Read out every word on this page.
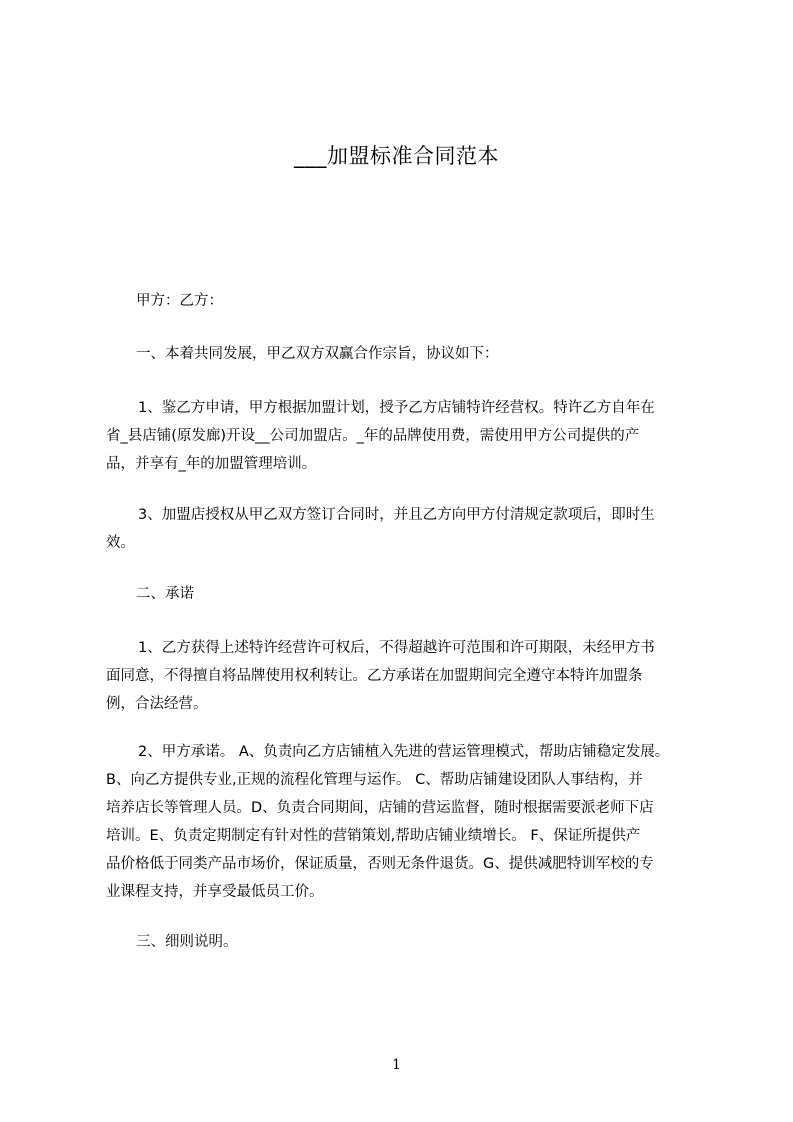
___加盟标准合同范本
甲方：乙方：
一、本着共同发展，甲乙双方双赢合作宗旨，协议如下：
1、鉴乙方申请，甲方根据加盟计划，授予乙方店铺特许经营权。特许乙方自年在
省_县店铺(原发廊)开设__公司加盟店。_年的品牌使用费，需使用甲方公司提供的产
品，并享有_年的加盟管理培训。
3、加盟店授权从甲乙双方签订合同时，并且乙方向甲方付清规定款项后，即时生
效。
二、承诺
1、乙方获得上述特许经营许可权后，不得超越许可范围和许可期限，未经甲方书
面同意，不得擅自将品牌使用权利转让。乙方承诺在加盟期间完全遵守本特许加盟条
例，合法经营。
2、甲方承诺。 A、负责向乙方店铺植入先进的营运管理模式，帮助店铺稳定发展。
B、向乙方提供专业,正规的流程化管理与运作。 C、帮助店铺建设团队人事结构，并
培养店长等管理人员。D、负责合同期间，店铺的营运监督，随时根据需要派老师下店
培训。E、负责定期制定有针对性的营销策划,帮助店铺业绩增长。 F、保证所提供产
品价格低于同类产品市场价，保证质量，否则无条件退货。G、提供减肥特训军校的专
业课程支持，并享受最低员工价。
三、细则说明。
1
